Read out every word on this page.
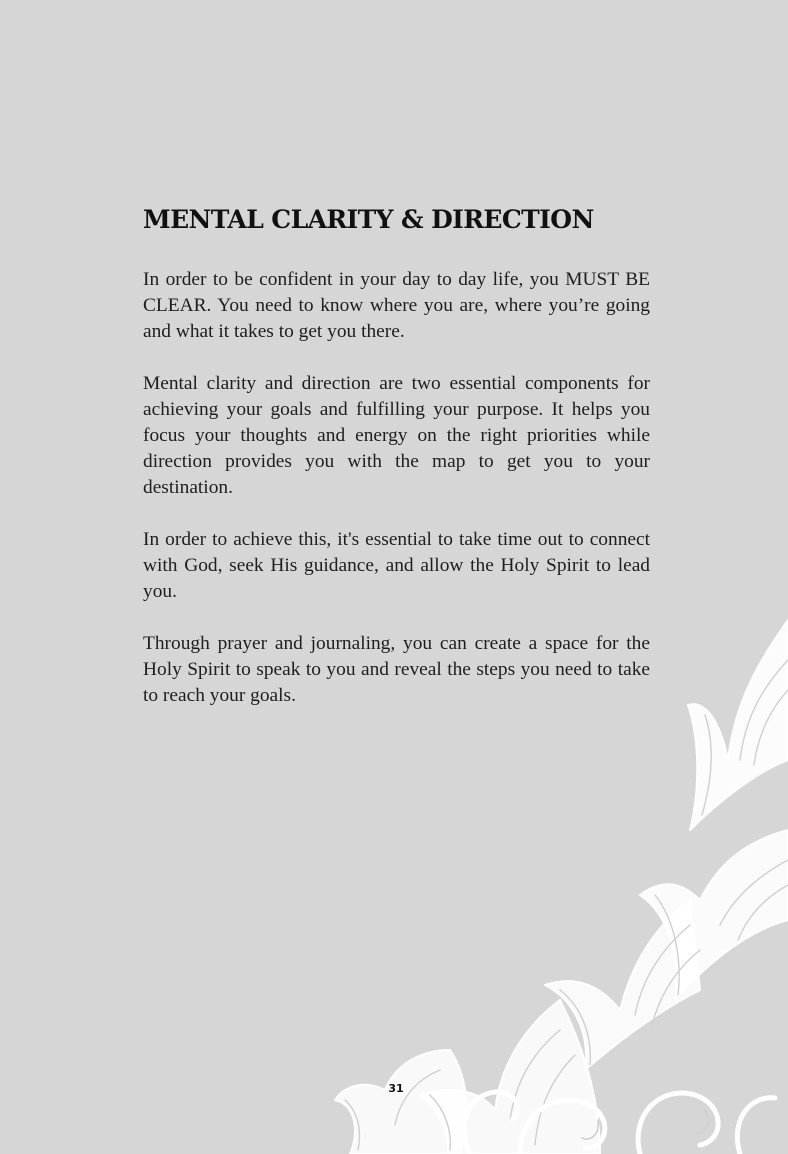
MENTAL CLARITY & DIRECTION

In order to be confident in your day to day life, you MUST BE CLEAR. You need to know where you are, where you’re going and what it takes to get you there.

Mental clarity and direction are two essential components for achieving your goals and fulfilling your purpose. It helps you focus your thoughts and energy on the right priorities while direction provides you with the map to get you to your destination.

In order to achieve this, it's essential to take time out to connect with God, seek His guidance, and allow the Holy Spirit to lead you.

Through prayer and journaling, you can create a space for the Holy Spirit to speak to you and reveal the steps you need to take to reach your goals.

31
